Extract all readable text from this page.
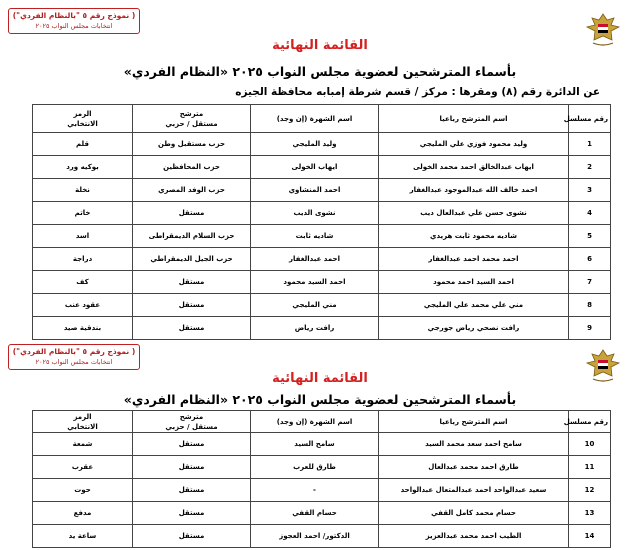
( نموذج رقم ٥ "بالنظام الفردي")
انتخابات مجلس النواب ٢٠٢٥
القائمة النهائية
بأسماء المترشحين لعضوية مجلس النواب ٢٠٢٥ «النظام الفردي»
عن الدائرة رقم (٨) ومقرها : مركز / قسم شرطة إمبابه محافظة الجيزه
رقم مسلسل	اسم المترشح رباعيا	اسم الشهرة (إن وجد)	مترشح
مستقل / حزبي	الرمز
الانتخابي

1	وليد محمود فوزي علي المليجي	وليد المليجي	حزب مستقبل وطن	قلم
2	ايهاب عبدالخالق احمد محمد الخولى	ايهاب الخولى	حزب المحافظين	بوكيه ورد
3	احمد خالف الله عبدالموجود عبدالغفار	احمد المنشاوي	حزب الوفد المصري	نخلة
4	نشوى حسن علي عبدالعال ديب	نشوى الديب	مستقل	خاتم
5	شاديه محمود ثابت هريدي	شاديه ثابت	حزب السلام الديمقراطى	اسد
6	احمد محمد احمد عبدالغفار	احمد عبدالغفار	حزب الجيل الديمقراطي	دراجة
7	احمد السيد احمد محمود	احمد السيد محمود	مستقل	كف
8	مني علي محمد علي المليجي	مني المليجي	مستقل	عقود عنب
9	رافت نصحي رياض جورجي	رافت رياض	مستقل	بندقية صيد
( نموذج رقم ٥ "بالنظام الفردي")
انتخابات مجلس النواب ٢٠٢٥
القائمة النهائية
بأسماء المترشحين لعضوية مجلس النواب ٢٠٢٥ «النظام الفردي»
رقم مسلسل	اسم المترشح رباعيا	اسم الشهرة (إن وجد)	مترشح
مستقل / حزبي	الرمز
الانتخابي

10	سامح احمد سعد محمد السيد	سامح السيد	مستقل	شمعة
11	طارق احمد محمد عبدالعال	طارق للعرب	مستقل	عقرب
12	سعيد عبدالواحد احمد عبدالمتعال عبدالواحد	-	مستقل	حوت
13	حسام محمد كامل القفي	حسام القفي	مستقل	مدفع
14	الطيب احمد محمد عبدالعزيز	الدكتور/ احمد العجوز	مستقل	ساعة يد
